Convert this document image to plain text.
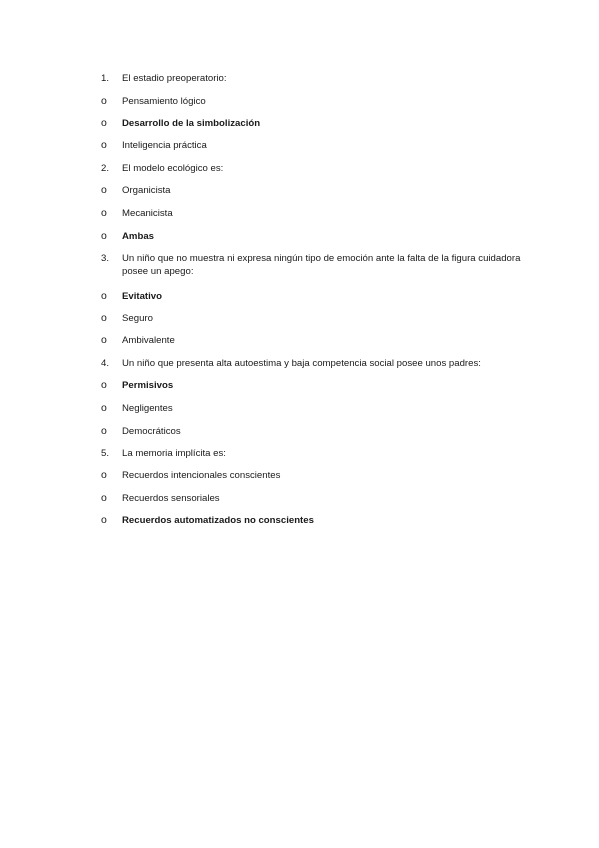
1.	El estadio preoperatorio:
o	Pensamiento lógico
o	Desarrollo de la simbolización
o	Inteligencia práctica
2.	El modelo ecológico es:
o	Organicista
o	Mecanicista
o	Ambas
3.	Un niño que no muestra ni expresa ningún tipo de emoción ante la falta de la figura cuidadora posee un apego:
o	Evitativo
o	Seguro
o	Ambivalente
4.	Un niño que presenta alta autoestima y baja competencia social posee unos padres:
o	Permisivos
o	Negligentes
o	Democráticos
5.	La memoria implícita es:
o	Recuerdos intencionales conscientes
o	Recuerdos sensoriales
o	Recuerdos automatizados no conscientes
